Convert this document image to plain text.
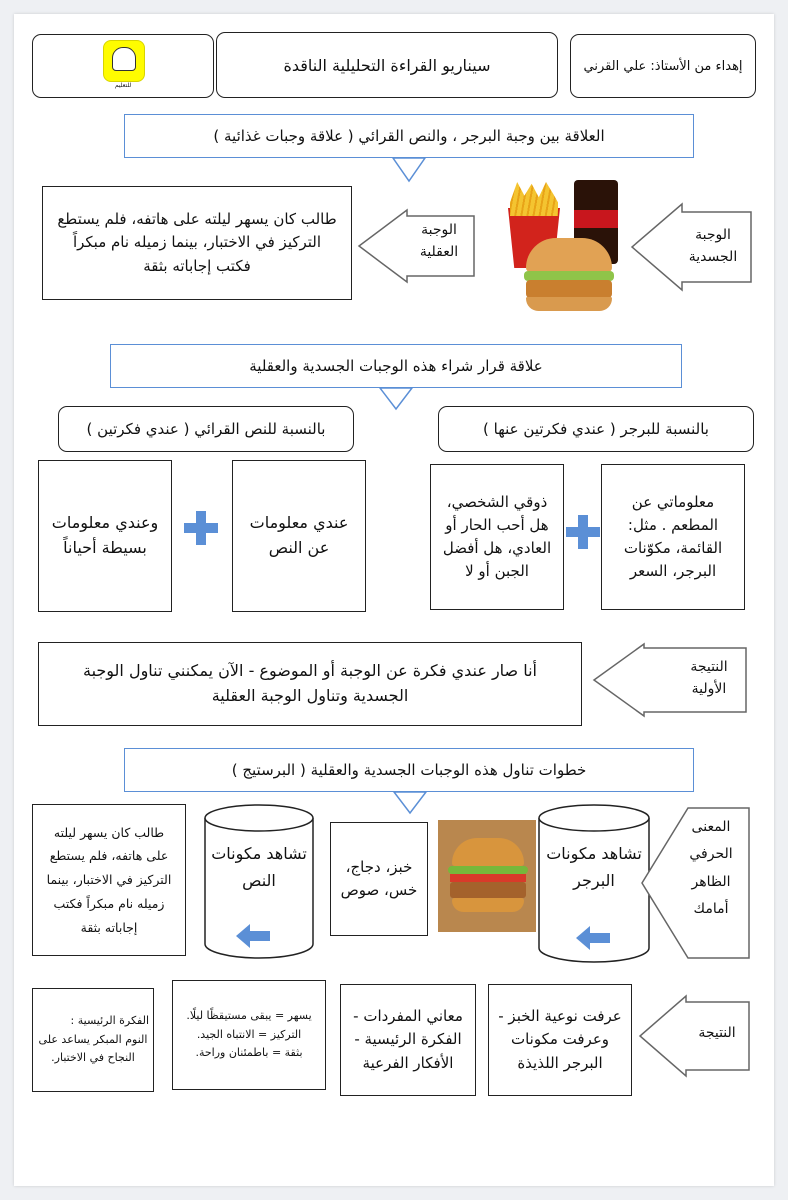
للتعليم
سيناريو القراءة التحليلية الناقدة	إهداء من الأستاذ: علي القرني
العلاقة بين وجبة البرجر ، والنص القرائي ( علاقة وجبات غذائية )
طالب كان يسهر ليلته على هاتفه، فلم يستطع التركيز في الاختبار، بينما زميله نام مبكراً فكتب إجاباته بثقة
الوجبة العقلية
الوجبة الجسدية
علاقة قرار شراء هذه الوجبات الجسدية والعقلية
بالنسبة للنص القرائي ( عندي فكرتين )	بالنسبة للبرجر ( عندي فكرتين عنها )
وعندي معلومات بسيطة أحياناً
عندي معلومات عن النص
ذوقي الشخصي، هل أحب الحار أو العادي، هل أفضل الجبن أو لا
معلوماتي عن المطعم . مثل: القائمة، مكوّنات البرجر، السعر
أنا صار عندي فكرة عن الوجبة أو الموضوع - الآن يمكنني تناول الوجبة الجسدية وتناول الوجبة العقلية
النتيجة الأولية
خطوات تناول هذه الوجبات الجسدية والعقلية ( البرستيج )
طالب كان يسهر ليلته على هاتفه، فلم يستطع التركيز في الاختبار، بينما زميله نام مبكراً فكتب إجاباته بثقة
تشاهد مكونات النص
خبز، دجاج، خس، صوص
تشاهد مكونات البرجر
المعنى الحرفي الظاهر أمامك
الفكرة الرئيسية :
النوم المبكر يساعد على النجاح في الاختبار.
يسهر = يبقى مستيقظًا ليلًا.
التركيز = الانتباه الجيد.
بثقة = باطمئنان وراحة.
معاني المفردات - الفكرة الرئيسية - الأفكار الفرعية
عرفت نوعية الخبز - وعرفت مكونات البرجر اللذيذة
النتيجة
